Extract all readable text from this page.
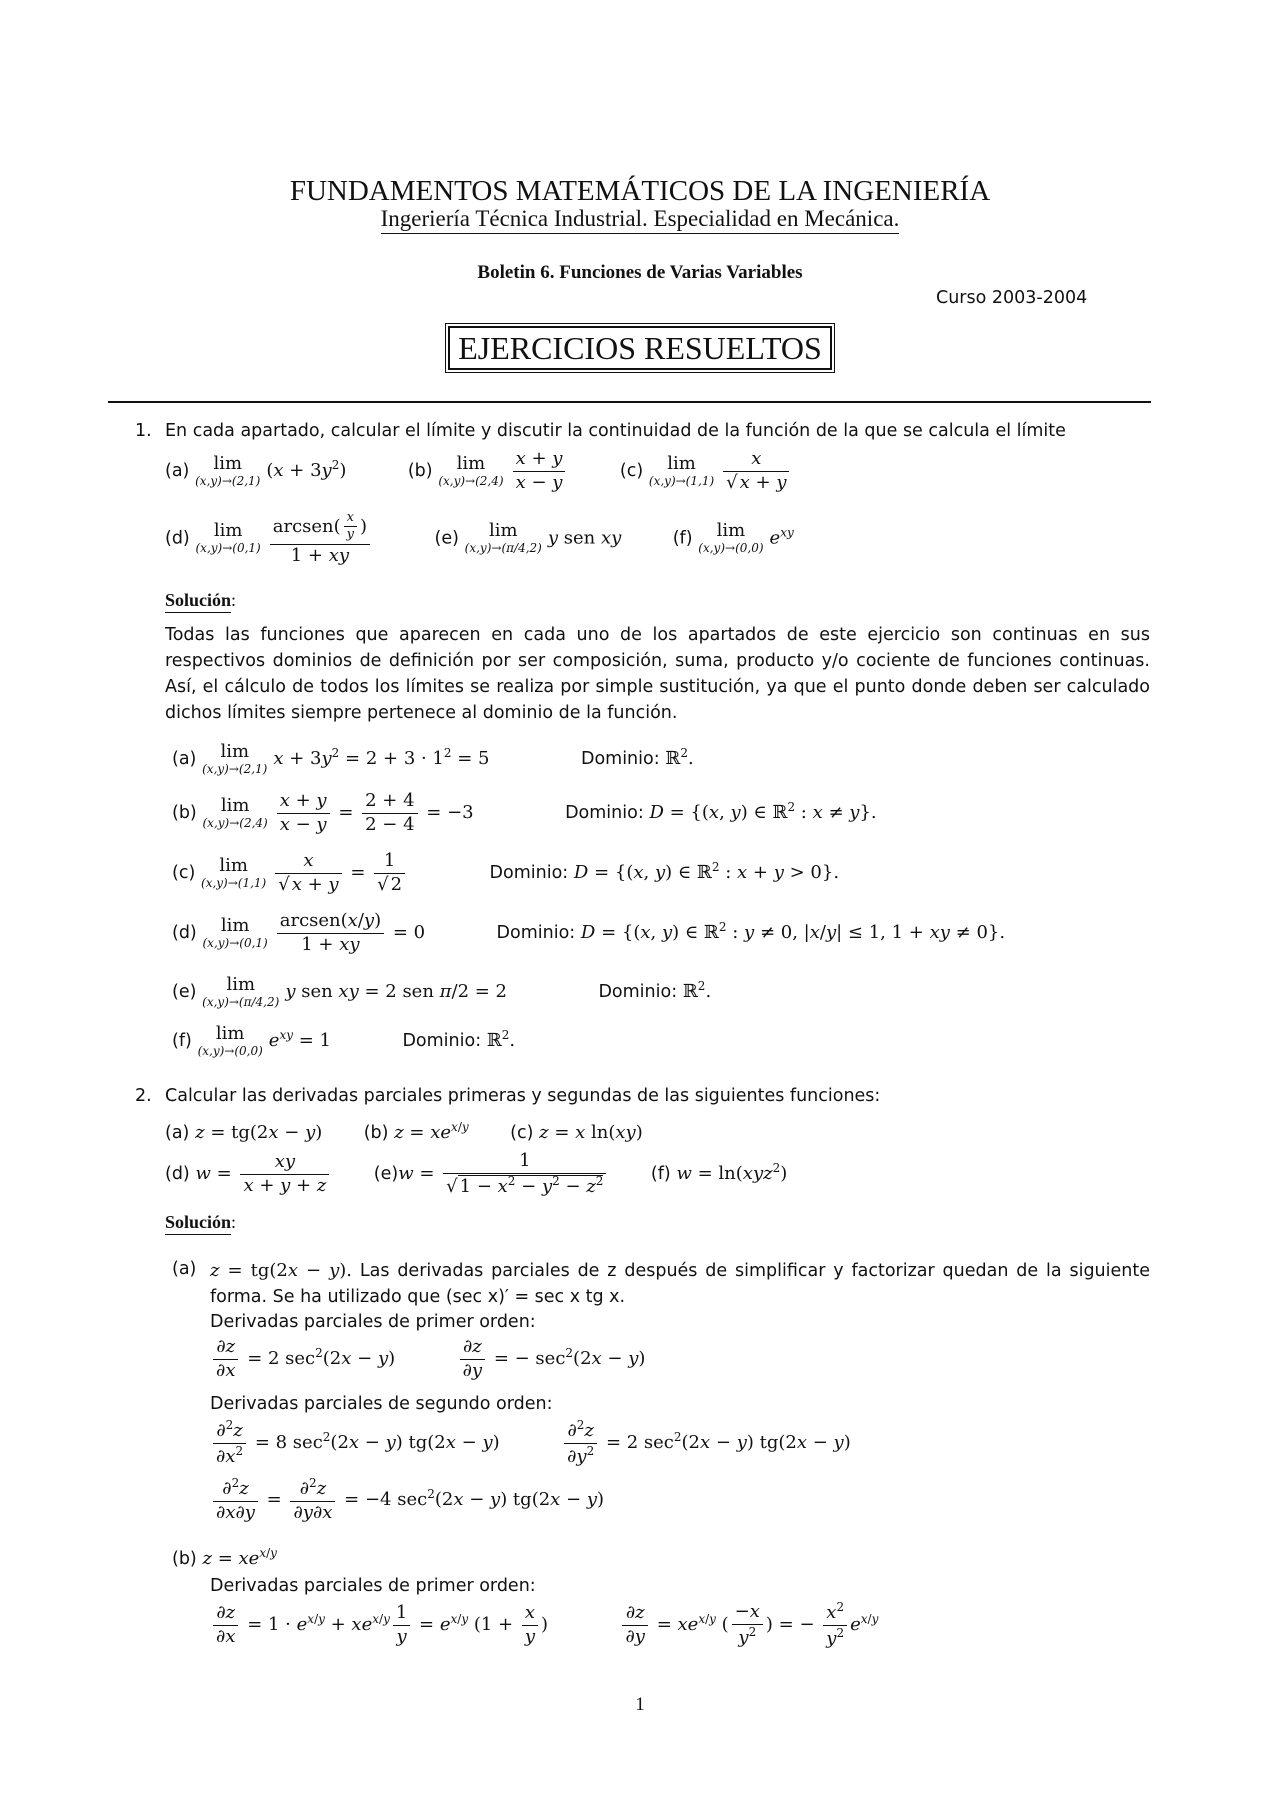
FUNDAMENTOS MATEMÁTICOS DE LA INGENIERÍA
Ingeriería Técnica Industrial. Especialidad en Mecánica.
Boletin 6. Funciones de Varias Variables
Curso 2003-2004
EJERCICIOS RESUELTOS
1. En cada apartado, calcular el límite y discutir la continuidad de la función de la que se calcula el límite
(a)	lim
(x,y)→(2,1) $(x + 3y^2)$	(b)	lim
$(x,y)\to(2,4) \frac{x + y}{x - y}$	(c)	lim
$(x,y)\to(1,1) \frac{x}{√ x + y}$
(d)	lim
$(x,y)\to(0,1) \frac{arcsen( \frac{x}{y} )}{1 + xy}$	(e)	lim
(x,y)→(π/4,2) y sen xy	(f)	lim
(x,y)→(0,0) $e^{xy}$
Solución:
Todas las funciones que aparecen en cada uno de los apartados de este ejercicio son continuas en sus respectivos dominios de definición por ser composición, suma, producto y/o cociente de funciones continuas. Así, el cálculo de todos los límites se realiza por simple sustitución, ya que el punto donde deben ser calculado dichos límites siempre pertenece al dominio de la función.
(a)	lim
(x,y)→(2,1) $x + 3y^2 = 2 + 3 \cdot 1^2 = 5$	Dominio: ℝ$^2$.
(b)	lim
$(x,y)\to(2,4) \frac{x + y}{x - y} = \frac{2 + 4}{2 - 4} = -3$	Dominio: D = {(x, y) ∈ ℝ$^2$ : x ≠ y}.
(c)	lim
$(x,y)\to(1,1) \frac{x}{√ x + y} = \frac{1}{√ 2}$	Dominio: D = {(x, y) ∈ ℝ$^2$ : x + y > 0}.
(d)	lim
$(x,y)\to(0,1) \frac{\text{arcsen(x/y)}}{1 + xy} = 0$	Dominio: D = {(x, y) ∈ ℝ$^2$ : y ≠ 0, |x/y| ≤ 1, 1 + xy ≠ 0}.
(e)	lim
(x,y)→(π/4,2) y sen xy = 2 sen π/2 = 2	Dominio: ℝ$^2$.
(f)	lim
(x,y)→(0,0) $e^{xy} = 1$	Dominio: ℝ$^2$.
2. Calcular las derivadas parciales primeras y segundas de las siguientes funciones:
(a) z = tg(2x − y)  (b) $z = xe^{x/y}$ (c) z = x ln(xy)
(d) $w = \frac{xy}{x + y + z}$	$(e)w = \frac{1}{√ 1 - x^2 - y^2 - z^2}$	(f) w = ln(xyz$^2$)
Solución:
(a) z = tg(2x − y). Las derivadas parciales de z después de simplificar y factorizar quedan de la siguiente forma. Se ha utilizado que (sec x)′ = sec x tg x.
Derivadas parciales de primer orden:
$\frac{\partial z}{\partial x} = 2$ $\sec^2(2x - y)$	$\frac{\partial z}{\partial y}$ = − $\sec^2(2x - y)$
Derivadas parciales de segundo orden:
$\frac{\partial^2z}{\partial x^2} = 8$ $\sec^2(2x - y) tg(2x - y)$	$\frac{\partial^2z}{\partial y^2} = 2$ $\sec^2(2x - y) tg(2x - y)$
$\frac{\partial^2z}{\partial x\partial y} = \frac{\partial^2z}{\partial y\partial x} = -4$ $\sec^2(2x - y) tg(2x - y)$
(b) $z = xe^{x/y}$
Derivadas parciales de primer orden:
$\frac{\partial z}{\partial x} = 1 \cdot e^{x/y} + xe^{x/y} \frac{1}{y} = e^{x/y}$ ($1 + \frac{x}{y}$ )	$\frac{\partial z}{\partial y} = xe^{x/y}$ ( $\frac{-x}{y^2}$ ) = − $\frac{x^2}{y^2} e^{x/y}$
1
